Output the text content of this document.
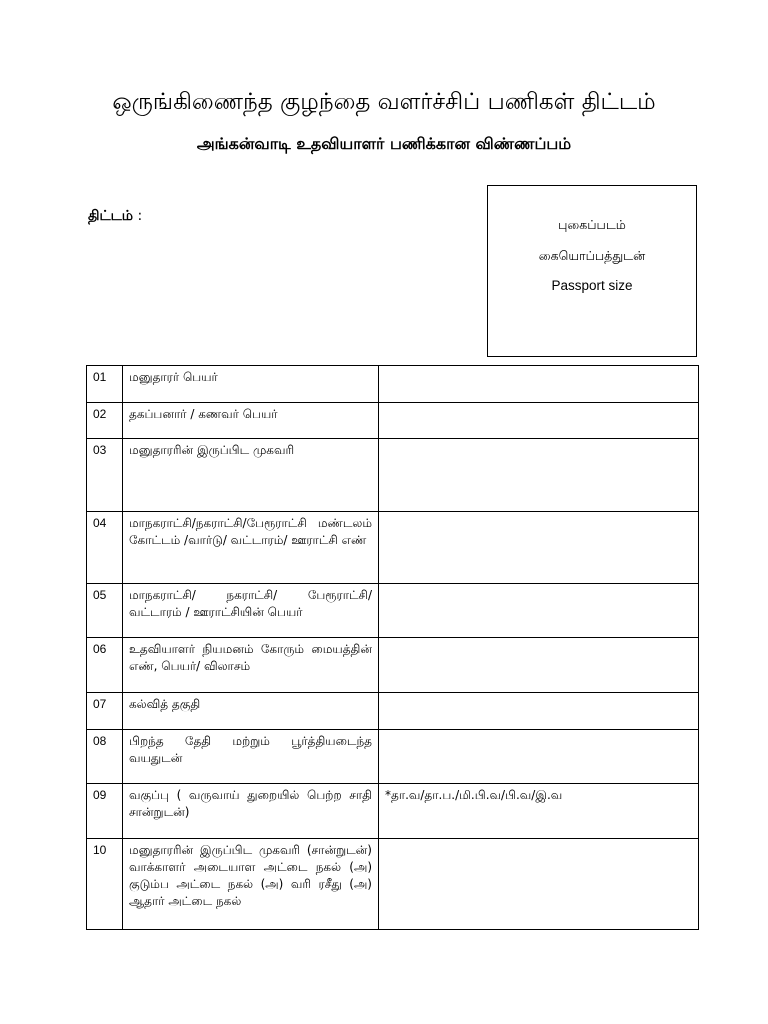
ஒருங்கிணைந்த குழந்தை வளர்ச்சிப் பணிகள் திட்டம்
அங்கன்வாடி உதவியாளர் பணிக்கான விண்ணப்பம்
திட்டம் :
புகைப்படம்
கையொப்பத்துடன்
Passport size
01	மனுதாரர் பெயர்	
02	தகப்பனார் / கணவர் பெயர்	
03	மனுதாரரின் இருப்பிட முகவரி	
04	மாநகராட்சி/நகராட்சி/பேரூராட்சி மண்டலம் கோட்டம் /வார்டு/ வட்டாரம்/ ஊராட்சி எண்	
05	மாநகராட்சி/ நகராட்சி/ பேரூராட்சி/ வட்டாரம் / ஊராட்சியின் பெயர்	
06	உதவியாளர் நியமனம் கோரும் மையத்தின் எண், பெயர்/ விலாசம்	
07	கல்வித் தகுதி	
08	பிறந்த தேதி மற்றும் பூர்த்தியடைந்த வயதுடன்	
09	வகுப்பு ( வருவாய் துறையில் பெற்ற சாதி சான்றுடன்)	*தா.வ/தா.ப./மி.பி.வ/பி.வ/இ.வ
10	மனுதாரரின் இருப்பிட முகவரி (சான்றுடன்) வாக்காளர் அடையாள அட்டை நகல் (அ) குடும்ப அட்டை நகல் (அ) வரி ரசீது (அ) ஆதார் அட்டை நகல்	
